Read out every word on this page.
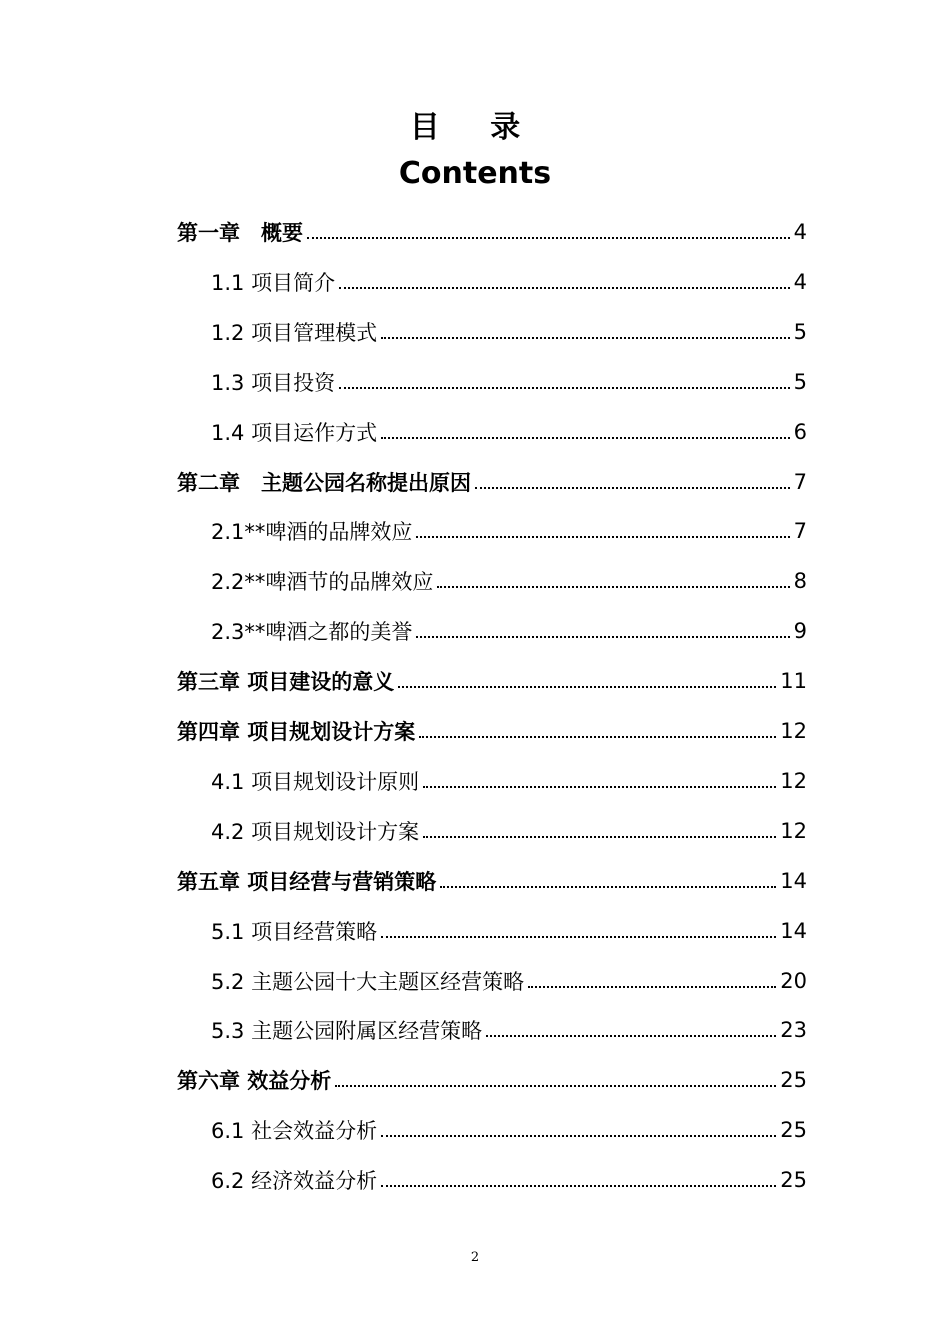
目 录
Contents
第一章　概要	4
1.1 项目简介	4
1.2 项目管理模式	5
1.3 项目投资	5
1.4 项目运作方式	6
第二章　主题公园名称提出原因	7
2.1**啤酒的品牌效应	7
2.2**啤酒节的品牌效应	8
2.3**啤酒之都的美誉	9
第三章 项目建设的意义	11
第四章 项目规划设计方案	12
4.1 项目规划设计原则	12
4.2 项目规划设计方案	12
第五章 项目经营与营销策略	14
5.1 项目经营策略	14
5.2 主题公园十大主题区经营策略	20
5.3 主题公园附属区经营策略	23
第六章 效益分析	25
6.1 社会效益分析	25
6.2 经济效益分析	25
2
